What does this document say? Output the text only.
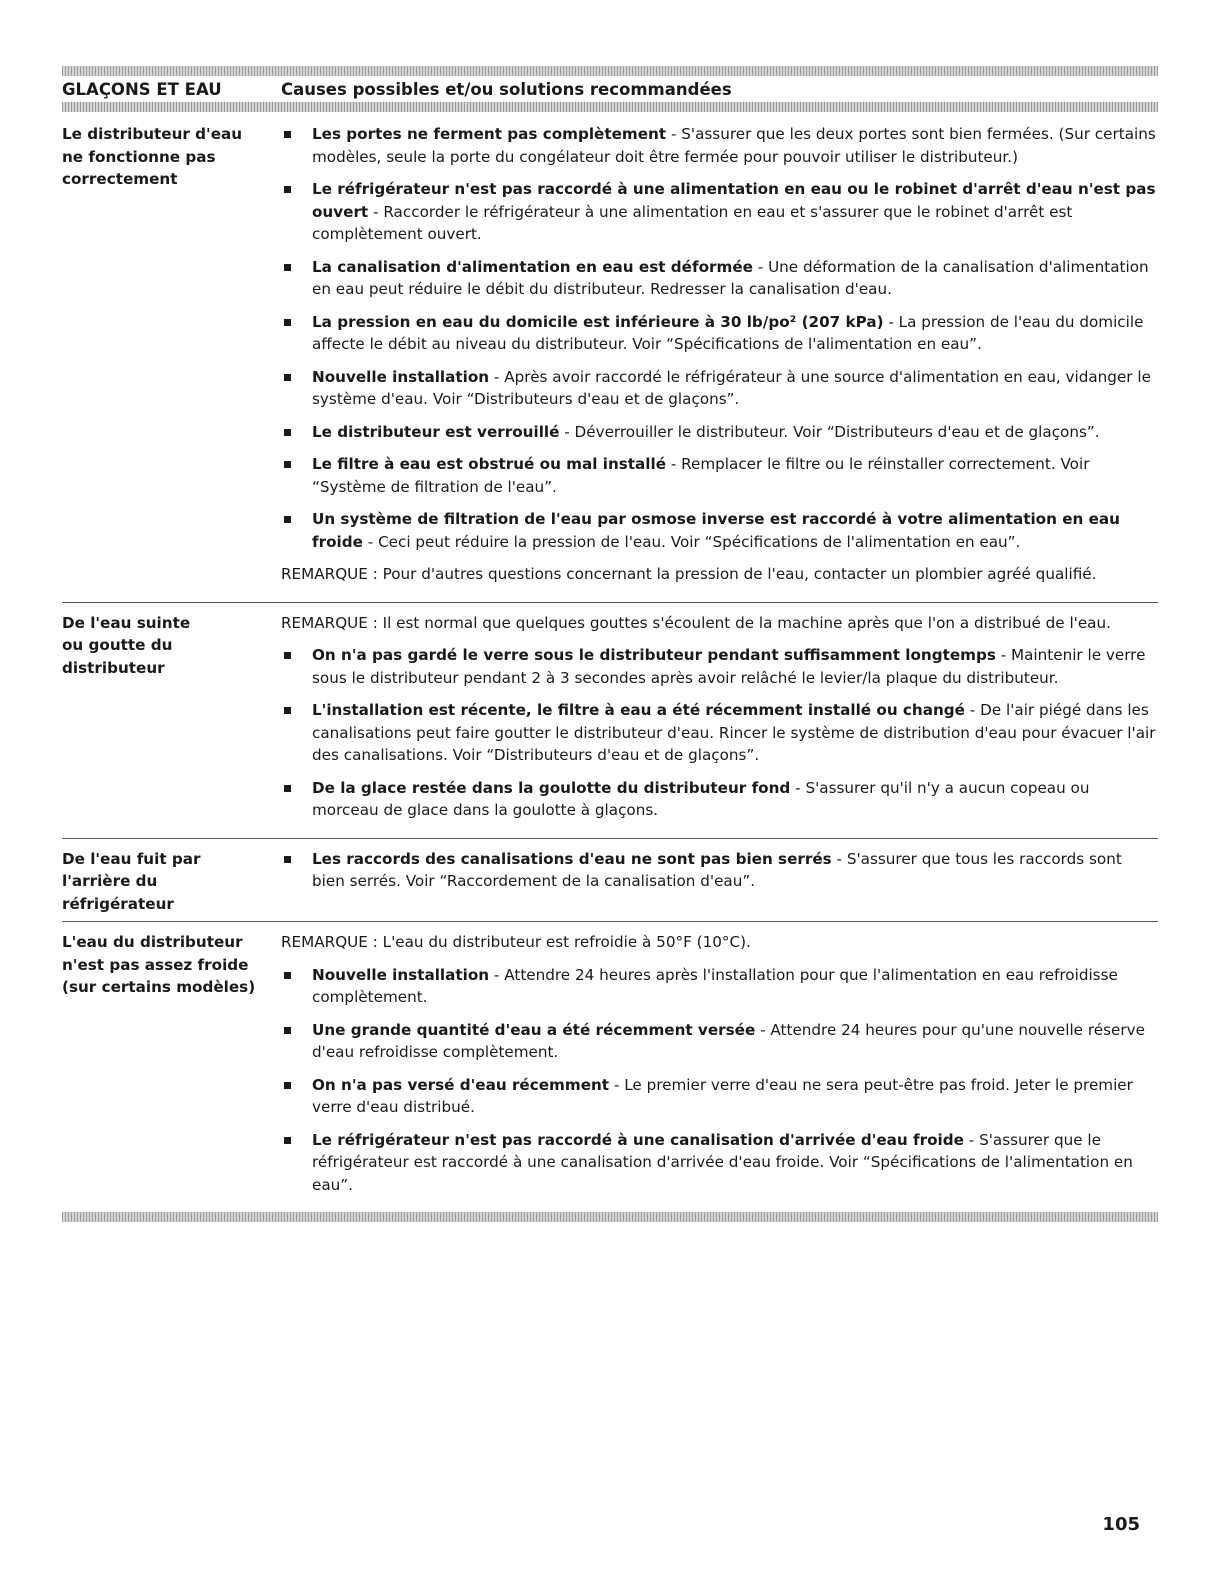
GLAÇONS ET EAU	Causes possibles et/ou solutions recommandées
Le distributeur d'eau
ne fonctionne pas
correctement
Les portes ne ferment pas complètement - S'assurer que les deux portes sont bien fermées. (Sur certains modèles, seule la porte du congélateur doit être fermée pour pouvoir utiliser le distributeur.)
Le réfrigérateur n'est pas raccordé à une alimentation en eau ou le robinet d'arrêt d'eau n'est pas ouvert - Raccorder le réfrigérateur à une alimentation en eau et s'assurer que le robinet d'arrêt est complètement ouvert.
La canalisation d'alimentation en eau est déformée - Une déformation de la canalisation d'alimentation en eau peut réduire le débit du distributeur. Redresser la canalisation d'eau.
La pression en eau du domicile est inférieure à 30 lb/po² (207 kPa) - La pression de l'eau du domicile affecte le débit au niveau du distributeur. Voir “Spécifications de l'alimentation en eau”.
Nouvelle installation - Après avoir raccordé le réfrigérateur à une source d'alimentation en eau, vidanger le système d'eau. Voir “Distributeurs d'eau et de glaçons”.
Le distributeur est verrouillé - Déverrouiller le distributeur. Voir “Distributeurs d'eau et de glaçons”.
Le filtre à eau est obstrué ou mal installé - Remplacer le filtre ou le réinstaller correctement. Voir “Système de filtration de l'eau”.
Un système de filtration de l'eau par osmose inverse est raccordé à votre alimentation en eau froide - Ceci peut réduire la pression de l'eau. Voir “Spécifications de l'alimentation en eau”.
REMARQUE : Pour d'autres questions concernant la pression de l'eau, contacter un plombier agréé qualifié.
De l'eau suinte
ou goutte du
distributeur
REMARQUE : Il est normal que quelques gouttes s'écoulent de la machine après que l'on a distribué de l'eau.
On n'a pas gardé le verre sous le distributeur pendant suffisamment longtemps - Maintenir le verre sous le distributeur pendant 2 à 3 secondes après avoir relâché le levier/la plaque du distributeur.
L'installation est récente, le filtre à eau a été récemment installé ou changé - De l'air piégé dans les canalisations peut faire goutter le distributeur d'eau. Rincer le système de distribution d'eau pour évacuer l'air des canalisations. Voir “Distributeurs d'eau et de glaçons”.
De la glace restée dans la goulotte du distributeur fond - S'assurer qu'il n'y a aucun copeau ou morceau de glace dans la goulotte à glaçons.
De l'eau fuit par
l'arrière du
réfrigérateur
Les raccords des canalisations d'eau ne sont pas bien serrés - S'assurer que tous les raccords sont bien serrés. Voir “Raccordement de la canalisation d'eau”.
L'eau du distributeur
n'est pas assez froide
(sur certains modèles)
REMARQUE : L'eau du distributeur est refroidie à 50°F (10°C).
Nouvelle installation - Attendre 24 heures après l'installation pour que l'alimentation en eau refroidisse complètement.
Une grande quantité d'eau a été récemment versée - Attendre 24 heures pour qu'une nouvelle réserve d'eau refroidisse complètement.
On n'a pas versé d'eau récemment - Le premier verre d'eau ne sera peut-être pas froid. Jeter le premier verre d'eau distribué.
Le réfrigérateur n'est pas raccordé à une canalisation d'arrivée d'eau froide - S'assurer que le réfrigérateur est raccordé à une canalisation d'arrivée d'eau froide. Voir “Spécifications de l'alimentation en eau”.
105
